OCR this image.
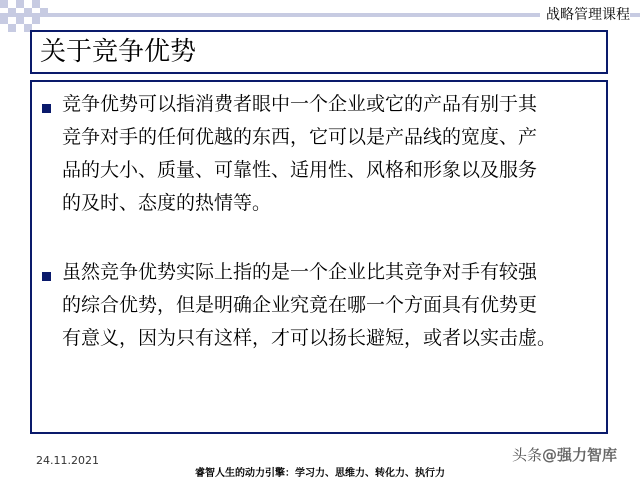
战略管理课程
关于竞争优势
竞争优势可以指消费者眼中一个企业或它的产品有别于其
竞争对手的任何优越的东西，它可以是产品线的宽度、产
品的大小、质量、可靠性、适用性、风格和形象以及服务
的及时、态度的热情等。
虽然竞争优势实际上指的是一个企业比其竞争对手有较强
的综合优势，但是明确企业究竟在哪一个方面具有优势更
有意义，因为只有这样，才可以扬长避短，或者以实击虚。
24.11.2021
睿智人生的动力引擎：学习力、思维力、转化力、执行力
头条@强力智库
